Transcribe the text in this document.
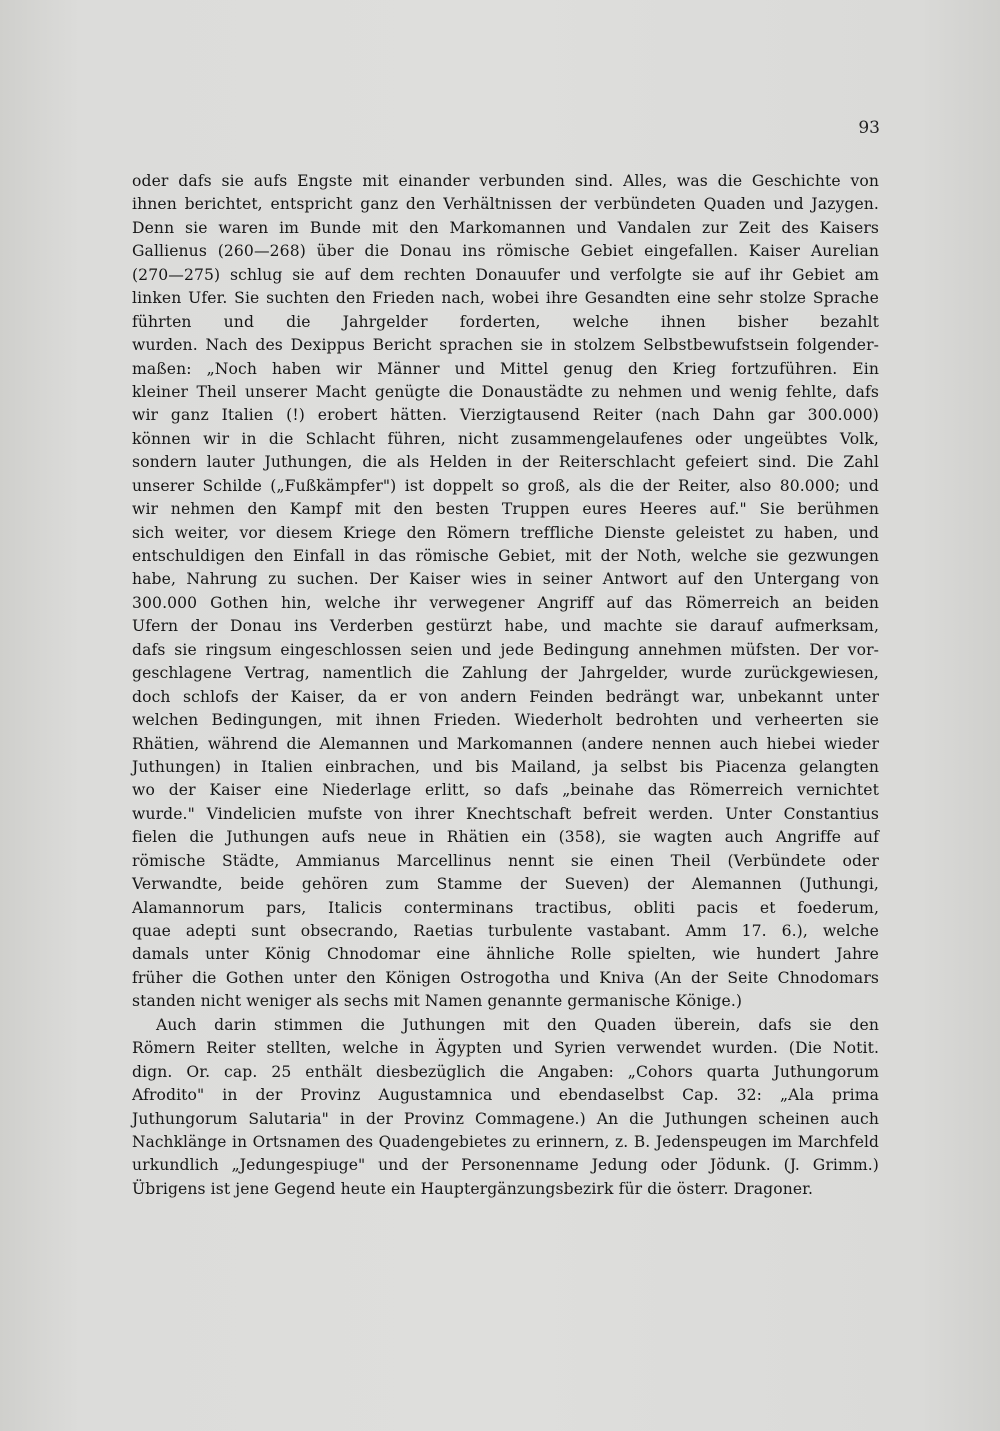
93
oder dafs sie aufs Engste mit einander verbunden sind. Alles, was die Geschichte von
ihnen berichtet, entspricht ganz den Verhältnissen der verbündeten Quaden und Jazygen.
Denn sie waren im Bunde mit den Markomannen und Vandalen zur Zeit des Kaisers
Gallienus (260—268) über die Donau ins römische Gebiet eingefallen. Kaiser Aurelian
(270—275) schlug sie auf dem rechten Donauufer und verfolgte sie auf ihr Gebiet am
linken Ufer. Sie suchten den Frieden nach, wobei ihre Gesandten eine sehr stolze Sprache
führten und die Jahrgelder forderten, welche ihnen bisher bezahlt
wurden. Nach des Dexippus Bericht sprachen sie in stolzem Selbstbewufstsein folgender-
maßen: „Noch haben wir Männer und Mittel genug den Krieg fortzuführen. Ein
kleiner Theil unserer Macht genügte die Donaustädte zu nehmen und wenig fehlte, dafs
wir ganz Italien (!) erobert hätten. Vierzigtausend Reiter (nach Dahn gar 300.000)
können wir in die Schlacht führen, nicht zusammengelaufenes oder ungeübtes Volk,
sondern lauter Juthungen, die als Helden in der Reiterschlacht gefeiert sind. Die Zahl
unserer Schilde („Fußkämpfer") ist doppelt so groß, als die der Reiter, also 80.000; und
wir nehmen den Kampf mit den besten Truppen eures Heeres auf." Sie berühmen
sich weiter, vor diesem Kriege den Römern treffliche Dienste geleistet zu haben, und
entschuldigen den Einfall in das römische Gebiet, mit der Noth, welche sie gezwungen
habe, Nahrung zu suchen. Der Kaiser wies in seiner Antwort auf den Untergang von
300.000 Gothen hin, welche ihr verwegener Angriff auf das Römerreich an beiden
Ufern der Donau ins Verderben gestürzt habe, und machte sie darauf aufmerksam,
dafs sie ringsum eingeschlossen seien und jede Bedingung annehmen müfsten. Der vor-
geschlagene Vertrag, namentlich die Zahlung der Jahrgelder, wurde zurückgewiesen,
doch schlofs der Kaiser, da er von andern Feinden bedrängt war, unbekannt unter
welchen Bedingungen, mit ihnen Frieden. Wiederholt bedrohten und verheerten sie
Rhätien, während die Alemannen und Markomannen (andere nennen auch hiebei wieder
Juthungen) in Italien einbrachen, und bis Mailand, ja selbst bis Piacenza gelangten
wo der Kaiser eine Niederlage erlitt, so dafs „beinahe das Römerreich vernichtet
wurde." Vindelicien mufste von ihrer Knechtschaft befreit werden. Unter Constantius
fielen die Juthungen aufs neue in Rhätien ein (358), sie wagten auch Angriffe auf
römische Städte, Ammianus Marcellinus nennt sie einen Theil (Verbündete oder
Verwandte, beide gehören zum Stamme der Sueven) der Alemannen (Juthungi,
Alamannorum pars, Italicis conterminans tractibus, obliti pacis et foederum,
quae adepti sunt obsecrando, Raetias turbulente vastabant. Amm 17. 6.), welche
damals unter König Chnodomar eine ähnliche Rolle spielten, wie hundert Jahre
früher die Gothen unter den Königen Ostrogotha und Kniva (An der Seite Chnodomars
standen nicht weniger als sechs mit Namen genannte germanische Könige.)
Auch darin stimmen die Juthungen mit den Quaden überein, dafs sie den
Römern Reiter stellten, welche in Ägypten und Syrien verwendet wurden. (Die Notit.
dign. Or. cap. 25 enthält diesbezüglich die Angaben: „Cohors quarta Juthungorum
Afrodito" in der Provinz Augustamnica und ebendaselbst Cap. 32: „Ala prima
Juthungorum Salutaria" in der Provinz Commagene.) An die Juthungen scheinen auch
Nachklänge in Ortsnamen des Quadengebietes zu erinnern, z. B. Jedenspeugen im Marchfeld
urkundlich „Jedungespiuge" und der Personenname Jedung oder Jödunk. (J. Grimm.)
Übrigens ist jene Gegend heute ein Hauptergänzungsbezirk für die österr. Dragoner.
